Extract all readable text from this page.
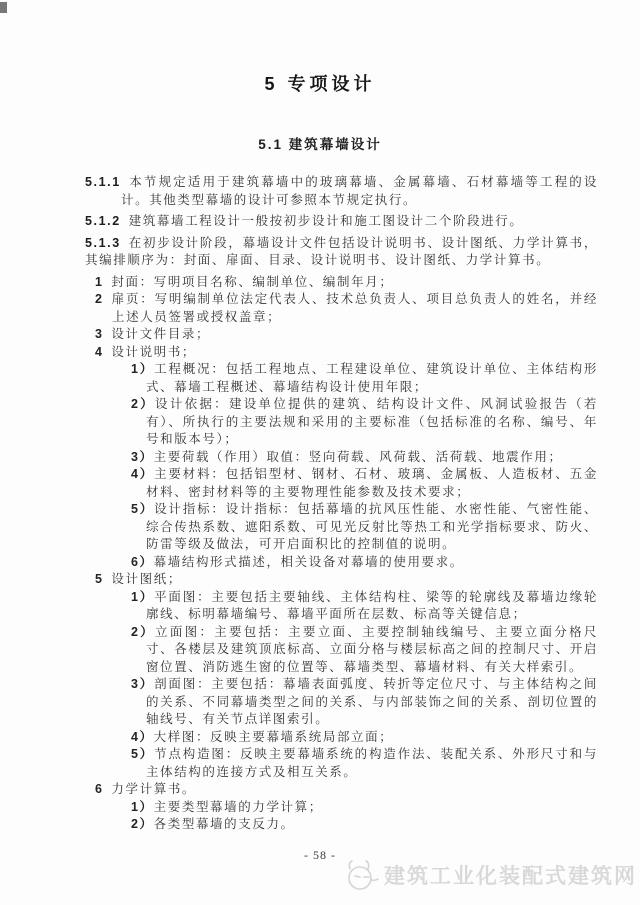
5 专项设计
5.1 建筑幕墙设计

5.1.1  本节规定适用于建筑幕墙中的玻璃幕墙、金属幕墙、石材幕墙等工程的设计。其他类型幕墙的设计可参照本节规定执行。

5.1.2  建筑幕墙工程设计一般按初步设计和施工图设计二个阶段进行。

5.1.3  在初步设计阶段，幕墙设计文件包括设计说明书、设计图纸、力学计算书，其编排顺序为：封面、扉面、目录、设计说明书、设计图纸、力学计算书。

1  封面：写明项目名称、编制单位、编制年月；
2  扉页：写明编制单位法定代表人、技术总负责人、项目总负责人的姓名，并经上述人员签署或授权盖章；
3  设计文件目录；
4  设计说明书；
1）工程概况：包括工程地点、工程建设单位、建筑设计单位、主体结构形式、幕墙工程概述、幕墙结构设计使用年限；
2）设计依据：建设单位提供的建筑、结构设计文件、风洞试验报告（若有）、所执行的主要法规和采用的主要标准（包括标准的名称、编号、年号和版本号）；
3）主要荷载（作用）取值：竖向荷载、风荷载、活荷载、地震作用；
4）主要材料：包括铝型材、钢材、石材、玻璃、金属板、人造板材、五金材料、密封材料等的主要物理性能参数及技术要求；
5）设计指标：设计指标：包括幕墙的抗风压性能、水密性能、气密性能、综合传热系数、遮阳系数、可见光反射比等热工和光学指标要求、防火、防雷等级及做法，可开启面积比的控制值的说明。
6）幕墙结构形式描述，相关设备对幕墙的使用要求。
5  设计图纸；
1）平面图：主要包括主要轴线、主体结构柱、梁等的轮廓线及幕墙边缘轮廓线、标明幕墙编号、幕墙平面所在层数、标高等关键信息；
2）立面图：主要包括：主要立面、主要控制轴线编号、主要立面分格尺寸、各楼层及建筑顶底标高、立面分格与楼层标高之间的控制尺寸、开启窗位置、消防逃生窗的位置等、幕墙类型、幕墙材料、有关大样索引。
3）剖面图：主要包括：幕墙表面弧度、转折等定位尺寸、与主体结构之间的关系、不同幕墙类型之间的关系、与内部装饰之间的关系、剖切位置的轴线号、有关节点详图索引。
4）大样图：反映主要幕墙系统局部立面；
5）节点构造图：反映主要幕墙系统的构造作法、装配关系、外形尺寸和与主体结构的连接方式及相互关系。
6  力学计算书。
1）主要类型幕墙的力学计算；
2）各类型幕墙的支反力。
- 58 -
建筑工业化装配式建筑网
